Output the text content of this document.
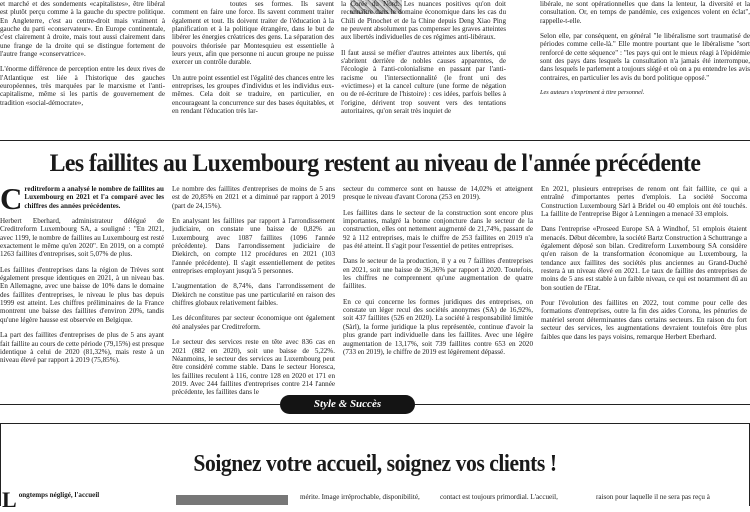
et marché et des sondements «capitalistes», être libéral est plutôt perçu comme à la gauche du spectre politique. En Angleterre, c'est au centre-droit mais vraiment à gauche du parti «conservateur». En Europe continentale, c'est clairement à droite, mais tout aussi clairement dans une frange de la droite qui se distingue fortement de l'autre frange «conservatrice».

L'énorme différence de perception entre les deux rives de l'Atlantique est liée à l'historique des gauches européennes, très marquées par le marxisme et l'anti-capitalisme, même si les partis de gouvernement de tradition «social-démocrate»,

toutes ses formes. Ils savent comment en faire une force. Ils savent comment traiter également et tout. Ils doivent traiter de l'éducation à la planification et à la politique étrangère, dans le but de libérer les énergies créatrices des gens. La séparation des pouvoirs théorisée par Montesquieu est essentielle à leurs yeux, afin que personne ni aucun groupe ne puisse exercer un contrôle durable.

Un autre point essentiel est l'égalité des chances entre les entreprises, les groupes d'individus et les individus eux-mêmes. Cela doit se traduire, en particulier, en encourageant la concurrence sur des bases équitables, et en rendant l'éducation très lar-

la Corée du Nord. Les nuances positives qu'on doit reconnaître dans le domaine économique dans les cas du Chili de Pinochet et de la Chine depuis Deng Xiao Ping ne peuvent absolument pas compenser les graves atteintes aux libertés individuelles de ces régimes anti-libéraux.

Il faut aussi se méfier d'autres atteintes aux libertés, qui s'abritent derrière de nobles causes apparentes, de l'écologie à l'anti-colonialisme en passant par l'anti-racisme ou l'intersectionnalité (le front uni des «victimes») et la cancel culture (une forme de négation ou de ré-écriture de l'histoire) : ces idées, parfois belles à l'origine, dérivent trop souvent vers des tentations autoritaires, qu'on serait très inquiet de

libérale, ne sont opérationnelles que dans la lenteur, la diversité et la consultation. Or, en temps de pandémie, ces exigences volent en éclat", rappelle-t-elle.

Selon elle, par conséquent, en général "le libéralisme sort traumatisé de périodes comme celle-là." Elle montre pourtant que le libéralisme "sort renforcé de cette séquence" : "les pays qui ont le mieux réagi à l'épidémie sont des pays dans lesquels la consultation n'a jamais été interrompue, dans lesquels le parlement a toujours siégé et où on a pu entendre les avis contraires, en particulier les avis du bord politique opposé."

Les auteurs s'expriment à titre personnel.

Les faillites au Luxembourg restent au niveau de l'année précédente

Creditreform a analysé le nombre de faillites au Luxembourg en 2021 et l'a comparé avec les chiffres des années précédentes.

Herbert Eberhard, administrateur délégué de Creditreform Luxembourg SA, a souligné : "En 2021, avec 1199, le nombre de faillites au Luxembourg est resté exactement le même qu'en 2020". En 2019, on a compté 1263 faillites d'entreprises, soit 5,07% de plus.

Les faillites d'entreprises dans la région de Trèves sont également presque identiques en 2021, à un niveau bas. En Allemagne, avec une baisse de 10% dans le domaine des faillites d'entreprises, le niveau le plus bas depuis 1999 est atteint. Les chiffres préliminaires de la France montrent une baisse des faillites d'environ 20%, tandis qu'une légère hausse est observée en Belgique.

La part des faillites d'entreprises de plus de 5 ans ayant fait faillite au cours de cette période (79,15%) est presque identique à celui de 2020 (81,32%), mais reste à un niveau élevé par rapport à 2019 (75,85%).

Le nombre des faillites d'entreprises de moins de 5 ans est de 20,85% en 2021 et a diminué par rapport à 2019 (part de 24,15%).

En analysant les faillites par rapport à l'arrondissement judiciaire, on constate une baisse de 0,82% au Luxembourg avec 1087 faillites (1096 l'année précédente). Dans l'arrondissement judiciaire de Diekirch, on compte 112 procédures en 2021 (103 l'année précédente). Il s'agit essentiellement de petites entreprises employant jusqu'à 5 personnes.

L'augmentation de 8,74%, dans l'arrondissement de Diekirch ne constitue pas une particularité en raison des chiffres globaux relativement faibles.

Les déconfitures par secteur économique ont également été analysées par Creditreform.

Le secteur des services reste en tête avec 836 cas en 2021 (882 en 2020), soit une baisse de 5,22%. Néanmoins, le secteur des services au Luxembourg peut être considéré comme stable. Dans le secteur Horesca, les faillites reculent à 116, contre 128 en 2020 et 171 en 2019. Avec 244 faillites d'entreprises contre 214 l'année précédente, les faillites dans le

secteur du commerce sont en hausse de 14,02% et atteignent presque le niveau d'avant Corona (253 en 2019).

Les faillites dans le secteur de la construction sont encore plus importantes, malgré la bonne conjoncture dans le secteur de la construction, elles ont nettement augmenté de 21,74%, passant de 92 à 112 entreprises, mais le chiffre de 253 faillites en 2019 n'a pas été atteint. Il s'agit pour l'essentiel de petites entreprises.

Dans le secteur de la production, il y a eu 7 faillites d'entreprises en 2021, soit une baisse de 36,36% par rapport à 2020. Toutefois, les chiffres ne comprennent qu'une augmentation de quatre faillites.

En ce qui concerne les formes juridiques des entreprises, on constate un léger recul des sociétés anonymes (SA) de 16,92%, soit 437 faillites (526 en 2020). La société à responsabilité limitée (Sàrl), la forme juridique la plus représentée, continue d'avoir la plus grande part individuelle dans les faillites. Avec une légère augmentation de 13,17%, soit 739 faillites contre 653 en 2020 (733 en 2019), le chiffre de 2019 est légèrement dépassé.

En 2021, plusieurs entreprises de renom ont fait faillite, ce qui a entraîné d'importantes pertes d'emplois. La société Soccoma Construction Luxembourg Sàrl à Bridel ou 40 emplois ont été touchés. La faillite de l'entreprise Bigor à Lenningen a menacé 33 emplois.

Dans l'entreprise «Proseed Europe SA à Windhof, 51 emplois étaient menacés. Début décembre, la société Bartz Construction à Schuttrange a également déposé son bilan. Creditreform Luxembourg SA considère qu'en raison de la transformation économique au Luxembourg, la tendance aux faillites des sociétés plus anciennes au Grand-Duché restera à un niveau élevé en 2021. Le taux de faillite des entreprises de moins de 5 ans est stable à un faible niveau, ce qui est notamment dû au bon soutien de l'Etat.

Pour l'évolution des faillites en 2022, tout comme pour celle des formations d'entreprises, outre la fin des aides Corona, les pénuries de matériel seront déterminantes dans certains secteurs. En raison du fort secteur des services, les augmentations devraient toutefois être plus faibles que dans les pays voisins, remarque Herbert Eberhard.

Style & Succès
Soignez votre accueil, soignez vos clients !
Longtemps négligé, l'accueil	mérite. Image irréprochable, disponibilité,	contact est toujours primordial. L'accueil,	raison pour laquelle il ne sera pas reçu à
